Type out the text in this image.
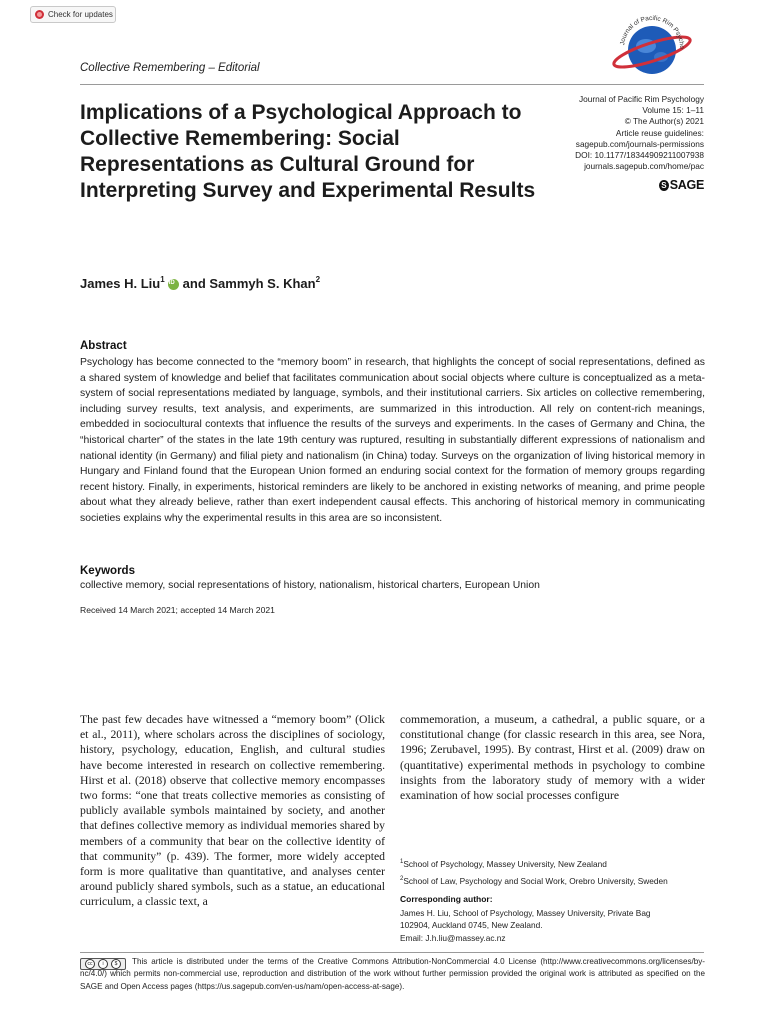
Check for updates
Journal of Pacific Rim Psycho
Collective Remembering – Editorial
Implications of a Psychological Approach to Collective Remembering: Social Representations as Cultural Ground for Interpreting Survey and Experimental Results
Journal of Pacific Rim Psychology
Volume 15: 1–11
© The Author(s) 2021
Article reuse guidelines:
sagepub.com/journals-permissions
DOI: 10.1177/18344909211007938
journals.sagepub.com/home/pac
S SAGE
James H. Liu$^1$
iD and Sammyh S. Khan$^2$
Abstract

Psychology has become connected to the “memory boom” in research, that highlights the concept of social representations, defined as a shared system of knowledge and belief that facilitates communication about social objects where culture is conceptualized as a meta-system of social representations mediated by language, symbols, and their institutional carriers. Six articles on collective remembering, including survey results, text analysis, and experiments, are summarized in this introduction. All rely on content-rich meanings, embedded in sociocultural contexts that influence the results of the surveys and experiments. In the cases of Germany and China, the “historical charter” of the states in the late 19th century was ruptured, resulting in substantially different expressions of nationalism and national identity (in Germany) and filial piety and nationalism (in China) today. Surveys on the organization of living historical memory in Hungary and Finland found that the European Union formed an enduring social context for the formation of memory groups regarding recent history. Finally, in experiments, historical reminders are likely to be anchored in existing networks of meaning, and prime people about what they already believe, rather than exert independent causal effects. This anchoring of historical memory in communicating societies explains why the experimental results in this area are so inconsistent.

Keywords
collective memory, social representations of history, nationalism, historical charters, European Union
Received 14 March 2021; accepted 14 March 2021

The past few decades have witnessed a “memory boom” (Olick et al., 2011), where scholars across the disciplines of sociology, history, psychology, education, English, and cultural studies have become interested in research on collective remembering. Hirst et al. (2018) observe that collective memory encompasses two forms: “one that treats collective memories as consisting of publicly available symbols maintained by society, and another that defines collective memory as individual memories shared by members of a community that bear on the collective identity of that community” (p. 439). The former, more widely accepted form is more qualitative than quantitative, and analyses center around publicly shared symbols, such as a statue, an educational curriculum, a classic text, a

commemoration, a museum, a cathedral, a public square, or a constitutional change (for classic research in this area, see Nora, 1996; Zerubavel, 1995). By contrast, Hirst et al. (2009) draw on (quantitative) experimental methods in psychology to combine insights from the laboratory study of memory with a wider examination of how social processes configure

$^1$School of Psychology, Massey University, New Zealand
$^2$School of Law, Psychology and Social Work, Orebro University, Sweden
Corresponding author:
James H. Liu, School of Psychology, Massey University, Private Bag
102904, Auckland 0745, New Zealand.
Email: J.h.liu@massey.ac.nz
cc	i	$	This article is distributed under the terms of the Creative Commons Attribution-NonCommercial 4.0 License (http://www.creativecommons.org/licenses/by-nc/4.0/) which permits non-commercial use, reproduction and distribution of the work without further permission provided the original work is attributed as specified on the SAGE and Open Access pages (https://us.sagepub.com/en-us/nam/open-access-at-sage).
